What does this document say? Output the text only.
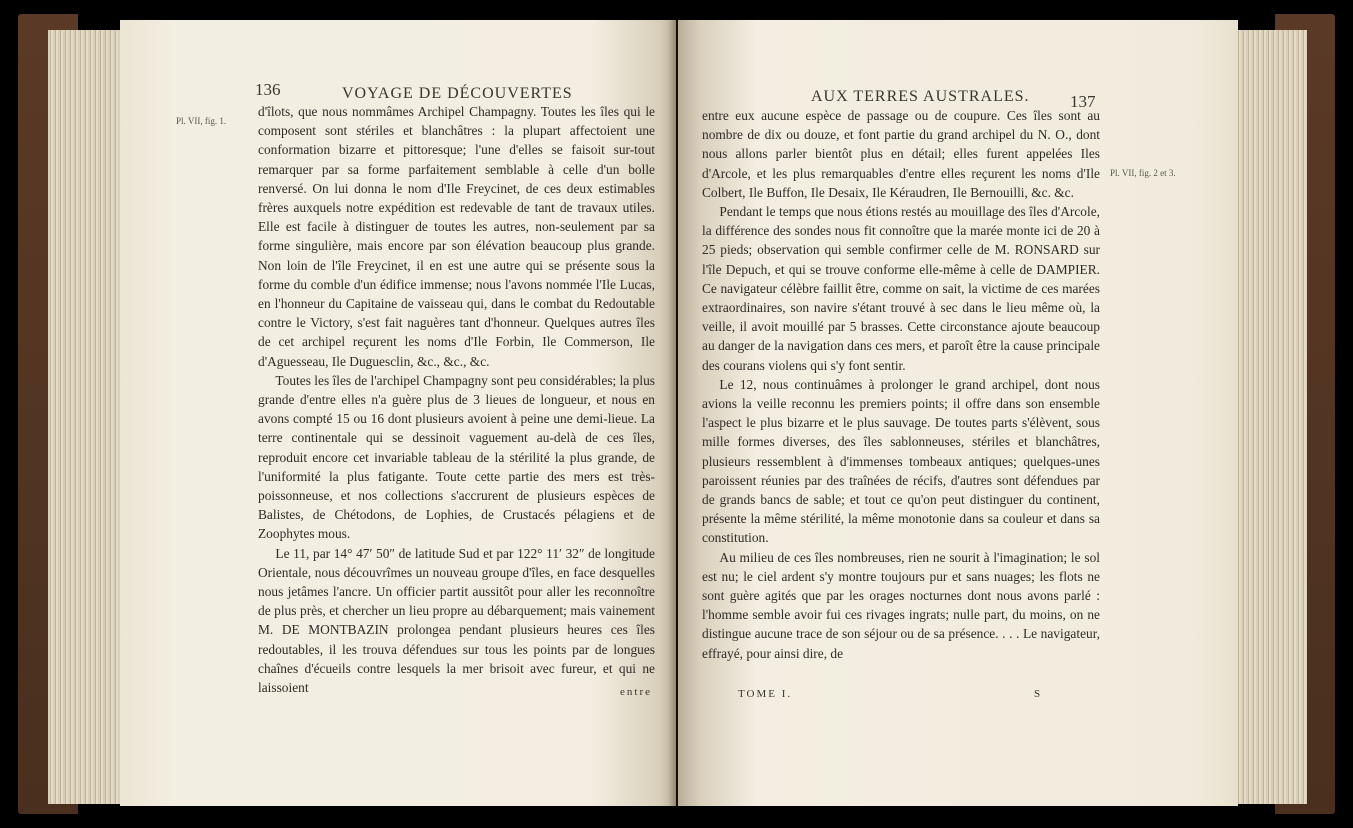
136	VOYAGE DE DÉCOUVERTES
Pl. VII, fig. 1.

d'îlots, que nous nommâmes Archipel Champagny. Toutes les îles qui le composent sont stériles et blanchâtres : la plupart affectoient une conformation bizarre et pittoresque; l'une d'elles se faisoit sur-tout remarquer par sa forme parfaitement semblable à celle d'un bolle renversé. On lui donna le nom d'Ile Freycinet, de ces deux estimables frères auxquels notre expédition est redevable de tant de travaux utiles. Elle est facile à distinguer de toutes les autres, non-seulement par sa forme singulière, mais encore par son élévation beaucoup plus grande. Non loin de l'île Freycinet, il en est une autre qui se présente sous la forme du comble d'un édifice immense; nous l'avons nommée l'Ile Lucas, en l'honneur du Capitaine de vaisseau qui, dans le combat du Redoutable contre le Victory, s'est fait naguères tant d'honneur. Quelques autres îles de cet archipel reçurent les noms d'Ile Forbin, Ile Commerson, Ile d'Aguesseau, Ile Duguesclin, &c., &c., &c.

Toutes les îles de l'archipel Champagny sont peu considérables; la plus grande d'entre elles n'a guère plus de 3 lieues de longueur, et nous en avons compté 15 ou 16 dont plusieurs avoient à peine une demi-lieue. La terre continentale qui se dessinoit vaguement au-delà de ces îles, reproduit encore cet invariable tableau de la stérilité la plus grande, de l'uniformité la plus fatigante. Toute cette partie des mers est très-poissonneuse, et nos collections s'accrurent de plusieurs espèces de Balistes, de Chétodons, de Lophies, de Crustacés pélagiens et de Zoophytes mous.

Le 11, par 14° 47′ 50″ de latitude Sud et par 122° 11′ 32″ de longitude Orientale, nous découvrîmes un nouveau groupe d'îles, en face desquelles nous jetâmes l'ancre. Un officier partit aussitôt pour aller les reconnoître de plus près, et chercher un lieu propre au débarquement; mais vainement M. DE MONTBAZIN prolongea pendant plusieurs heures ces îles redoutables, il les trouva défendues sur tous les points par de longues chaînes d'écueils contre lesquels la mer brisoit avec fureur, et qui ne laissoient	entre
AUX TERRES AUSTRALES. 137
Pl. VII, fig. 2 et 3.

entre eux aucune espèce de passage ou de coupure. Ces îles sont au nombre de dix ou douze, et font partie du grand archipel du N. O., dont nous allons parler bientôt plus en détail; elles furent appelées Iles d'Arcole, et les plus remarquables d'entre elles reçurent les noms d'Ile Colbert, Ile Buffon, Ile Desaix, Ile Kéraudren, Ile Bernouilli, &c. &c.

Pendant le temps que nous étions restés au mouillage des îles d'Arcole, la différence des sondes nous fit connoître que la marée monte ici de 20 à 25 pieds; observation qui semble confirmer celle de M. RONSARD sur l'île Depuch, et qui se trouve conforme elle-même à celle de DAMPIER. Ce navigateur célèbre faillit être, comme on sait, la victime de ces marées extraordinaires, son navire s'étant trouvé à sec dans le lieu même où, la veille, il avoit mouillé par 5 brasses. Cette circonstance ajoute beaucoup au danger de la navigation dans ces mers, et paroît être la cause principale des courans violens qui s'y font sentir.

Le 12, nous continuâmes à prolonger le grand archipel, dont nous avions la veille reconnu les premiers points; il offre dans son ensemble l'aspect le plus bizarre et le plus sauvage. De toutes parts s'élèvent, sous mille formes diverses, des îles sablonneuses, stériles et blanchâtres, plusieurs ressemblent à d'immenses tombeaux antiques; quelques-unes paroissent réunies par des traînées de récifs, d'autres sont défendues par de grands bancs de sable; et tout ce qu'on peut distinguer du continent, présente la même stérilité, la même monotonie dans sa couleur et dans sa constitution.

Au milieu de ces îles nombreuses, rien ne sourit à l'imagination; le sol est nu; le ciel ardent s'y montre toujours pur et sans nuages; les flots ne sont guère agités que par les orages nocturnes dont nous avons parlé : l'homme semble avoir fui ces rivages ingrats; nulle part, du moins, on ne distingue aucune trace de son séjour ou de sa présence. . . . Le navigateur, effrayé, pour ainsi dire, de

TOME I.	S
